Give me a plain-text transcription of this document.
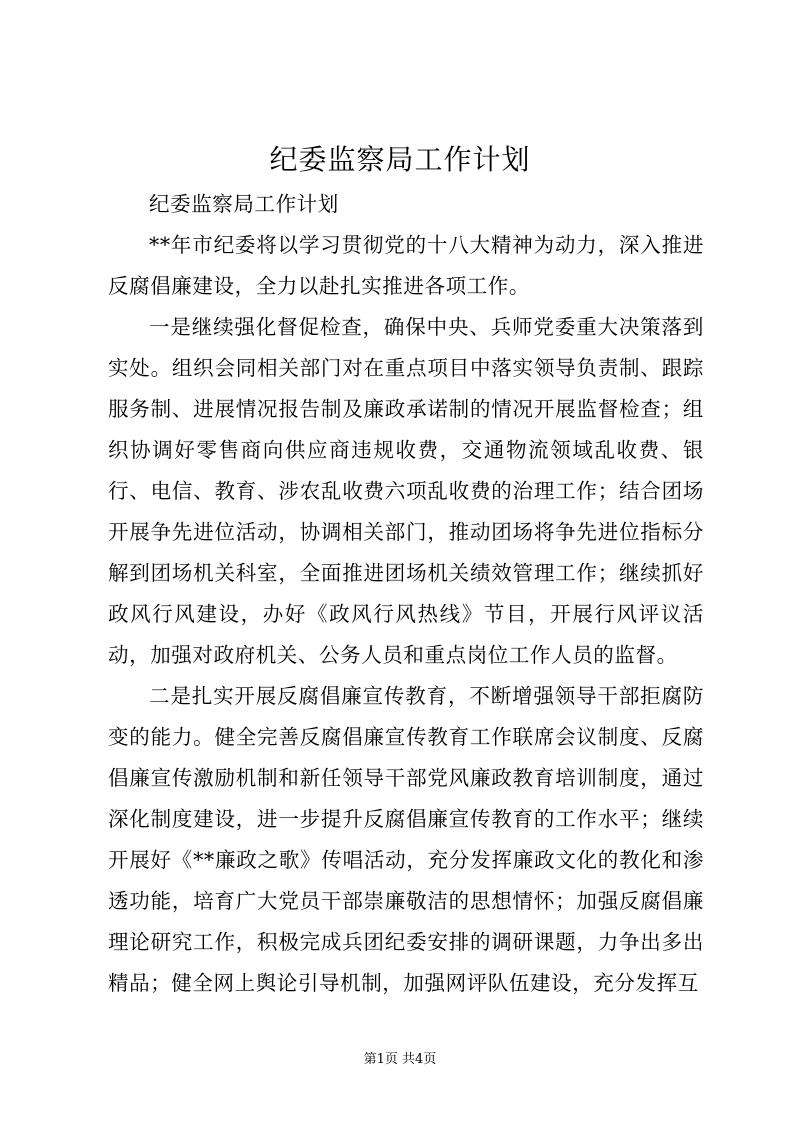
纪委监察局工作计划

纪委监察局工作计划

**年市纪委将以学习贯彻党的十八大精神为动力，深入推进反腐倡廉建设，全力以赴扎实推进各项工作。

一是继续强化督促检查，确保中央、兵师党委重大决策落到实处。组织会同相关部门对在重点项目中落实领导负责制、跟踪服务制、进展情况报告制及廉政承诺制的情况开展监督检查；组织协调好零售商向供应商违规收费，交通物流领域乱收费、银行、电信、教育、涉农乱收费六项乱收费的治理工作；结合团场开展争先进位活动，协调相关部门，推动团场将争先进位指标分解到团场机关科室，全面推进团场机关绩效管理工作；继续抓好政风行风建设，办好《政风行风热线》节目，开展行风评议活动，加强对政府机关、公务人员和重点岗位工作人员的监督。

二是扎实开展反腐倡廉宣传教育，不断增强领导干部拒腐防变的能力。健全完善反腐倡廉宣传教育工作联席会议制度、反腐倡廉宣传激励机制和新任领导干部党风廉政教育培训制度，通过深化制度建设，进一步提升反腐倡廉宣传教育的工作水平；继续开展好《**廉政之歌》传唱活动，充分发挥廉政文化的教化和渗透功能，培育广大党员干部崇廉敬洁的思想情怀；加强反腐倡廉理论研究工作，积极完成兵团纪委安排的调研课题，力争出多出精品；健全网上舆论引导机制，加强网评队伍建设，充分发挥互

第1页 共4页
